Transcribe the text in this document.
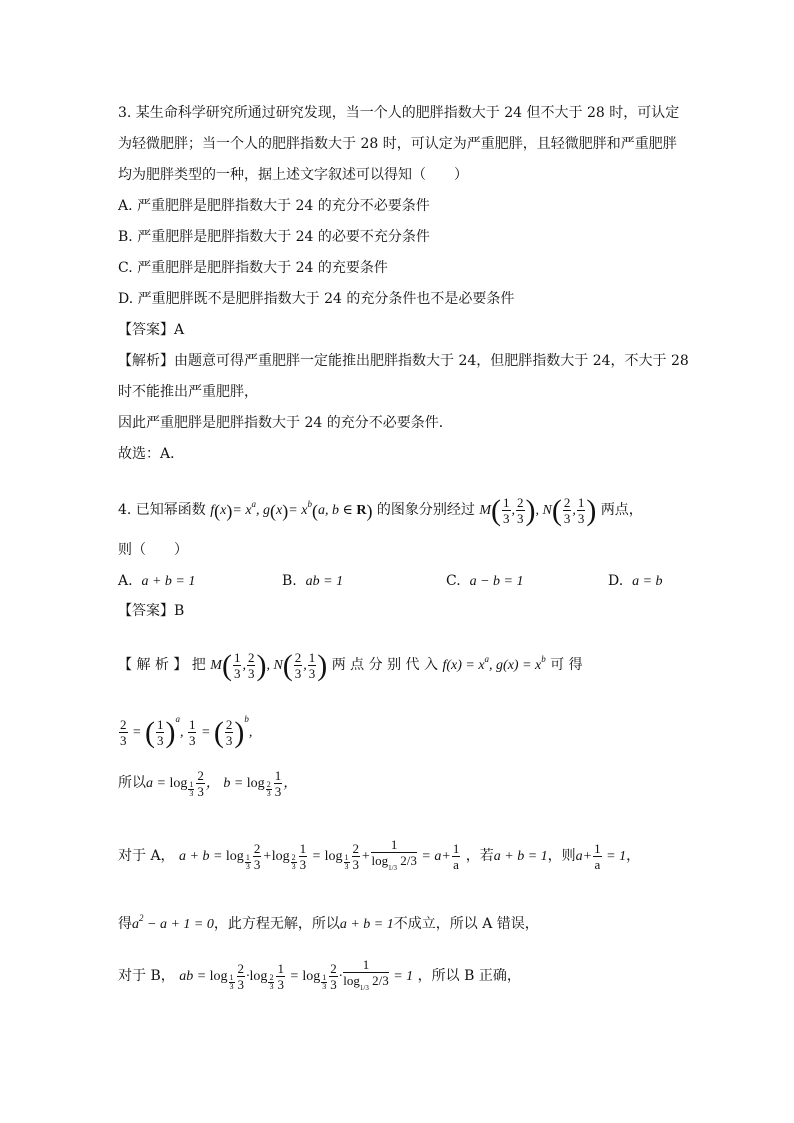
3. 某生命科学研究所通过研究发现，当一个人的肥胖指数大于 24 但不大于 28 时，可认定
为轻微肥胖；当一个人的肥胖指数大于 28 时，可认定为严重肥胖，且轻微肥胖和严重肥胖
均为肥胖类型的一种，据上述文字叙述可以得知（　　）
A. 严重肥胖是肥胖指数大于 24 的充分不必要条件
B. 严重肥胖是肥胖指数大于 24 的必要不充分条件
C. 严重肥胖是肥胖指数大于 24 的充要条件
D. 严重肥胖既不是肥胖指数大于 24 的充分条件也不是必要条件
【答案】A
【解析】由题意可得严重肥胖一定能推出肥胖指数大于 24，但肥胖指数大于 24，不大于 28
时不能推出严重肥胖，
因此严重肥胖是肥胖指数大于 24 的充分不必要条件．
故选：A．
4. 已知幂函数 $f(x)= x^a$, $g(x)= x^b(a$, b ∈ R) 的图象分别经过 $M( \frac{1}{3}$ , $\frac{2}{3}$ ), $N( \frac{2}{3}$ , $\frac{1}{3}$ ) 两点，
则（　　）
A. a + b = 1	B. ab = 1	C. a − b = 1	D. a = b
【答案】B
【 解 析 】 把 $M( \frac{1}{3}$ , $\frac{2}{3}$ ), $N( \frac{2}{3}$ , $\frac{1}{3}$ ) 两 点 分 别 代 入 $f(x) = x^a$, $g(x) = x^b$ 可 得
$\frac{2}{3}$ = ( $\frac{1}{3} )^a$, $\frac{1}{3}$ = ( $\frac{2}{3} )^b$,
所以$a = \log _{\frac{1}{3}} \frac{2}{3}$ ， $b = \log _{\frac{2}{3}} \frac{1}{3}$ ，
对于 A， $a + b = \log _{\frac{1}{3}} \frac{2}{3} +\log$ $_{\frac{2}{3}} \frac{1}{3} = \log _{\frac{1}{3}} \frac{2}{3} + \frac{1}{\log_{1/3} 2/3} = a+ \frac{1}{a}$ ，若a + b = 1，则$a+ \frac{1}{a} = 1$，
得$a^2 - a + 1 = 0$，此方程无解，所以a + b = 1不成立，所以 A 错误，
对于 B， ab = $\log _{\frac{1}{3}} \frac{2}{3} \cdot\log$ $_{\frac{2}{3}} \frac{1}{3} = \log _{\frac{1}{3}} \frac{2}{3} \cdot \frac{1}{\log_{1/3} 2/3} = 1$ ，所以 B 正确，
